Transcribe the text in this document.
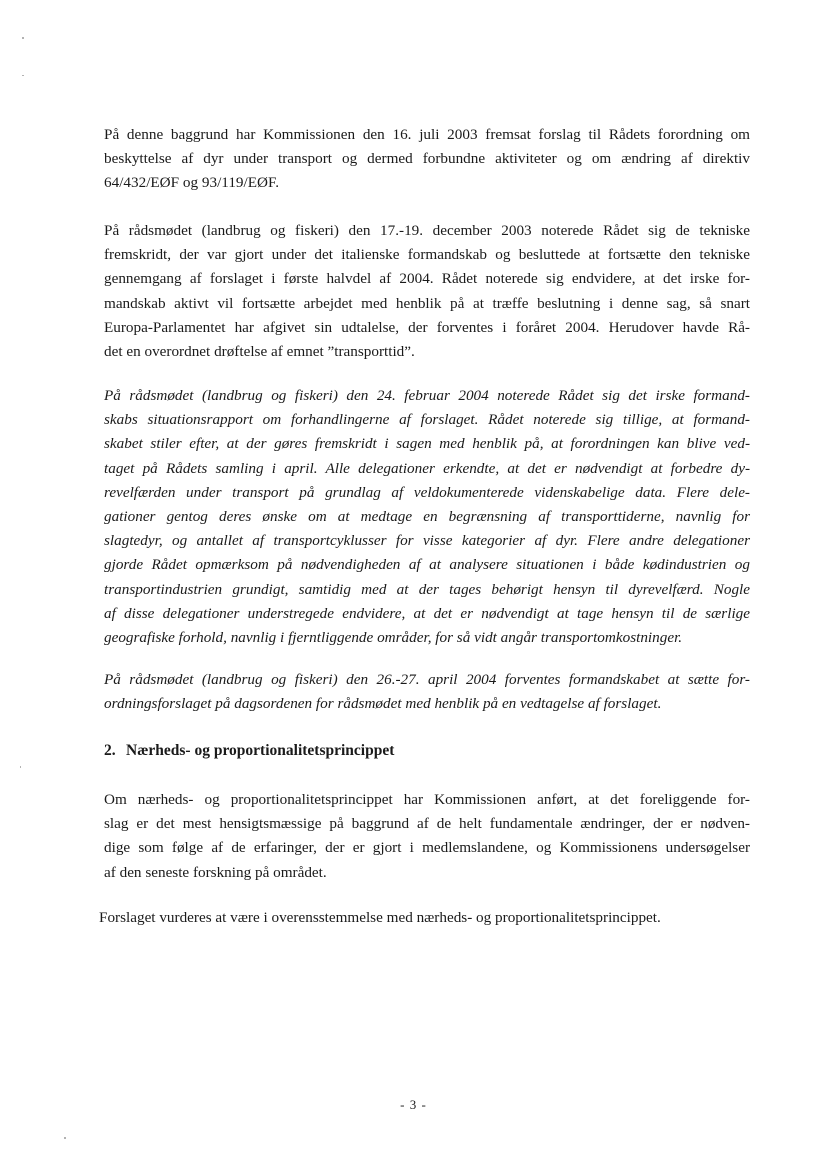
På denne baggrund har Kommissionen den 16. juli 2003 fremsat forslag til Rådets forordning om
beskyttelse af dyr under transport og dermed forbundne aktiviteter og om ændring af direktiv
64/432/EØF og 93/119/EØF.
På rådsmødet (landbrug og fiskeri) den 17.-19. december 2003 noterede Rådet sig de tekniske
fremskridt, der var gjort under det italienske formandskab og besluttede at fortsætte den tekniske
gennemgang af forslaget i første halvdel af 2004. Rådet noterede sig endvidere, at det irske for-
mandskab aktivt vil fortsætte arbejdet med henblik på at træffe beslutning i denne sag, så snart
Europa-Parlamentet har afgivet sin udtalelse, der forventes i foråret 2004. Herudover havde Rå-
det en overordnet drøftelse af emnet ”transporttid”.
På rådsmødet (landbrug og fiskeri) den 24. februar 2004 noterede Rådet sig det irske formand-
skabs situationsrapport om forhandlingerne af forslaget. Rådet noterede sig tillige, at formand-
skabet stiler efter, at der gøres fremskridt i sagen med henblik på, at forordningen kan blive ved-
taget på Rådets samling i april. Alle delegationer erkendte, at det er nødvendigt at forbedre dy-
revelfærden under transport på grundlag af veldokumenterede videnskabelige data. Flere dele-
gationer gentog deres ønske om at medtage en begrænsning af transporttiderne, navnlig for
slagtedyr, og antallet af transportcyklusser for visse kategorier af dyr. Flere andre delegationer
gjorde Rådet opmærksom på nødvendigheden af at analysere situationen i både kødindustrien og
transportindustrien grundigt, samtidig med at der tages behørigt hensyn til dyrevelfærd. Nogle
af disse delegationer understregede endvidere, at det er nødvendigt at tage hensyn til de særlige
geografiske forhold, navnlig i fjerntliggende områder, for så vidt angår transportomkostninger.
På rådsmødet (landbrug og fiskeri) den 26.-27. april 2004 forventes formandskabet at sætte for-
ordningsforslaget på dagsordenen for rådsmødet med henblik på en vedtagelse af forslaget.
2. Nærheds- og proportionalitetsprincippet
Om nærheds- og proportionalitetsprincippet har Kommissionen anført, at det foreliggende for-
slag er det mest hensigtsmæssige på baggrund af de helt fundamentale ændringer, der er nødven-
dige som følge af de erfaringer, der er gjort i medlemslandene, og Kommissionens undersøgelser
af den seneste forskning på området.

Forslaget vurderes at være i overensstemmelse med nærheds- og proportionalitetsprincippet.

- 3 -
